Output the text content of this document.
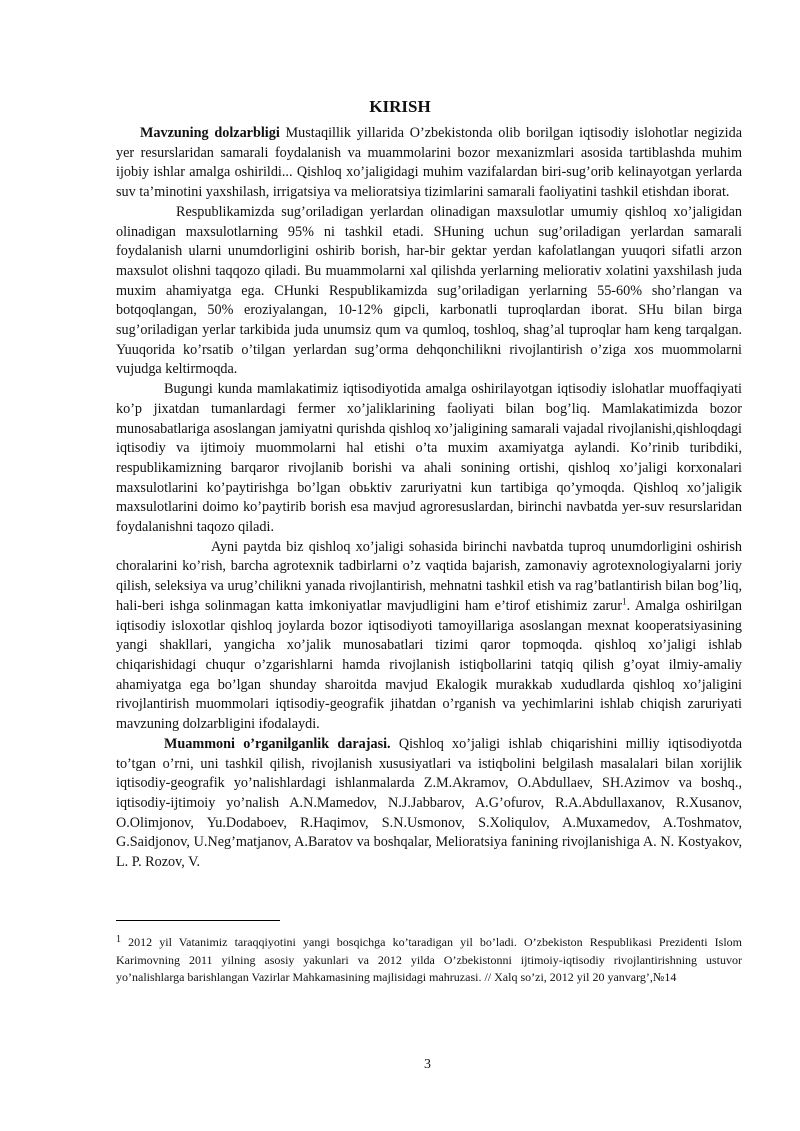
KIRISH

Mavzuning dolzarbligi Mustaqillik yillarida O’zbekistonda olib borilgan iqtisodiy islohotlar negizida yer resurslaridan samarali foydalanish va muammolarini bozor mexanizmlari asosida tartiblashda muhim ijobiy ishlar amalga oshirildi... Qishloq xo’jaligidagi muhim vazifalardan biri-sug’orib kelinayotgan yerlarda suv ta’minotini yaxshilash, irrigatsiya va melioratsiya tizimlarini samarali faoliyatini tashkil etishdan iborat.

Respublikamizda sug’oriladigan yerlardan olinadigan maxsulotlar umumiy qishloq xo’jaligidan olinadigan maxsulotlarning 95% ni tashkil etadi. SHuning uchun sug’oriladigan yerlardan samarali foydalanish ularni unumdorligini oshirib borish, har-bir gektar yerdan kafolatlangan yuuqori sifatli arzon maxsulot olishni taqqozo qiladi. Bu muammolarni xal qilishda yerlarning meliorativ xolatini yaxshilash juda muxim ahamiyatga ega. CHunki Respublikamizda sug’oriladigan yerlarning 55-60% sho’rlangan va botqoqlangan, 50% eroziyalangan, 10-12% gipcli, karbonatli tuproqlardan iborat. SHu bilan birga sug’oriladigan yerlar tarkibida juda unumsiz qum va qumloq, toshloq, shag’al tuproqlar ham keng tarqalgan. Yuuqorida ko’rsatib o’tilgan yerlardan sug’orma dehqonchilikni rivojlantirish o’ziga xos muommolarni vujudga keltirmoqda.

Bugungi kunda mamlakatimiz iqtisodiyotida amalga oshirilayotgan iqtisodiy islohatlar muoffaqiyati ko’p jixatdan tumanlardagi fermer xo’jaliklarining faoliyati bilan bog’liq. Mamlakatimizda bozor munosabatlariga asoslangan jamiyatni qurishda qishloq xo’jaligining samarali vajadal rivojlanishi,qishloqdagi iqtisodiy va ijtimoiy muommolarni hal etishi o’ta muxim axamiyatga aylandi. Ko’rinib turibdiki, respublikamizning barqaror rivojlanib borishi va ahali sonining ortishi, qishloq xo’jaligi korxonalari maxsulotlarini ko’paytirishga bo’lgan obьktiv zaruriyatni kun tartibiga qo’ymoqda. Qishloq xo’jaligik maxsulotlarini doimo ko’paytirib borish esa mavjud agroresuslardan, birinchi navbatda yer-suv resurslaridan foydalanishni taqozo qiladi.

Ayni paytda biz qishloq xo’jaligi sohasida birinchi navbatda tuproq unumdorligini oshirish choralarini ko’rish, barcha agrotexnik tadbirlarni o’z vaqtida bajarish, zamonaviy agrotexnologiyalarni joriy qilish, seleksiya va urug’chilikni yanada rivojlantirish, mehnatni tashkil etish va rag’batlantirish bilan bog’liq, hali-beri ishga solinmagan katta imkoniyatlar mavjudligini ham e’tirof etishimiz zarur$^1$. Amalga oshirilgan iqtisodiy isloxotlar qishloq joylarda bozor iqtisodiyoti tamoyillariga asoslangan mexnat kooperatsiyasining yangi shakllari, yangicha xo’jalik munosabatlari tizimi qaror topmoqda. qishloq xo’jaligi ishlab chiqarishidagi chuqur o’zgarishlarni hamda rivojlanish istiqbollarini tatqiq qilish g’oyat ilmiy-amaliy ahamiyatga ega bo’lgan shunday sharoitda mavjud Ekalogik murakkab xududlarda qishloq xo’jaligini rivojlantirish muommolari iqtisodiy-geografik jihatdan o’rganish va yechimlarini ishlab chiqish zaruriyati mavzuning dolzarbligini ifodalaydi.

Muammoni o’rganilganlik darajasi. Qishloq xo’jaligi ishlab chiqarishini milliy iqtisodiyotda to’tgan o’rni, uni tashkil qilish, rivojlanish xususiyatlari va istiqbolini belgilash masalalari bilan xorijlik iqtisodiy-geografik yo’nalishlardagi ishlanmalarda Z.M.Akramov, O.Abdullaev, SH.Azimov va boshq., iqtisodiy-ijtimoiy yo’nalish A.N.Mamedov, N.J.Jabbarov, A.G’ofurov, R.A.Abdullaxanov, R.Xusanov, O.Olimjonov, Yu.Dodaboev, R.Haqimov, S.N.Usmonov, S.Xoliqulov, A.Muxamedov, A.Toshmatov, G.Saidjonov, U.Neg’matjanov, A.Baratov va boshqalar, Melioratsiya fanining rivojlanishiga A. N. Kostyakov, L. P. Rozov, V.

$^1$ 2012 yil Vatanimiz taraqqiyotini yangi bosqichga ko’taradigan yil bo’ladi. O’zbekiston Respublikasi Prezidenti Islom Karimovning 2011 yilning asosiy yakunlari va 2012 yilda O’zbekistonni ijtimoiy-iqtisodiy rivojlantirishning ustuvor yo’nalishlarga barishlangan Vazirlar Mahkamasining majlisidagi mahruzasi. // Xalq so’zi, 2012 yil 20 yanvarg’,№14

3
